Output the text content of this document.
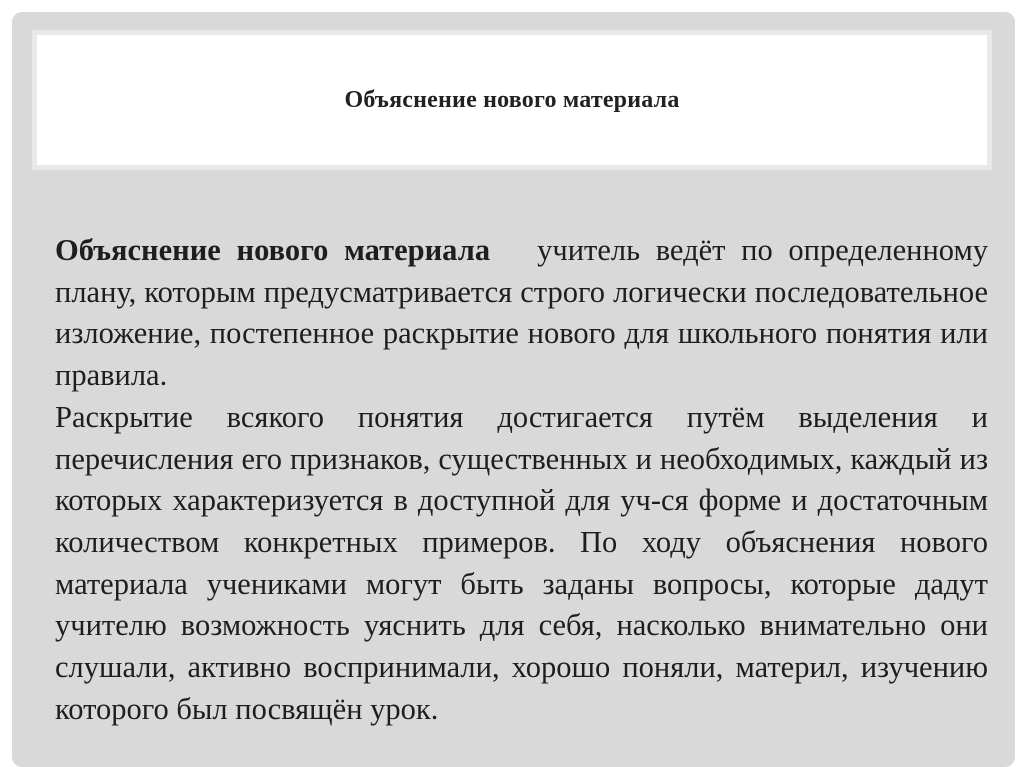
Объяснение нового материала

Объяснение нового материала учитель ведёт по определенному плану, которым предусматривается строго логически последовательное изложение, постепенное раскрытие нового для школьного понятия или правила.

Раскрытие всякого понятия достигается путём выделения и перечисления его признаков, существенных и необходимых, каждый из которых характеризуется в доступной для уч-ся форме и достаточным количеством конкретных примеров. По ходу объяснения нового материала учениками могут быть заданы вопросы, которые дадут учителю возможность уяснить для себя, насколько внимательно они слушали, активно воспринимали, хорошо поняли, материл, изучению которого был посвящён урок.
